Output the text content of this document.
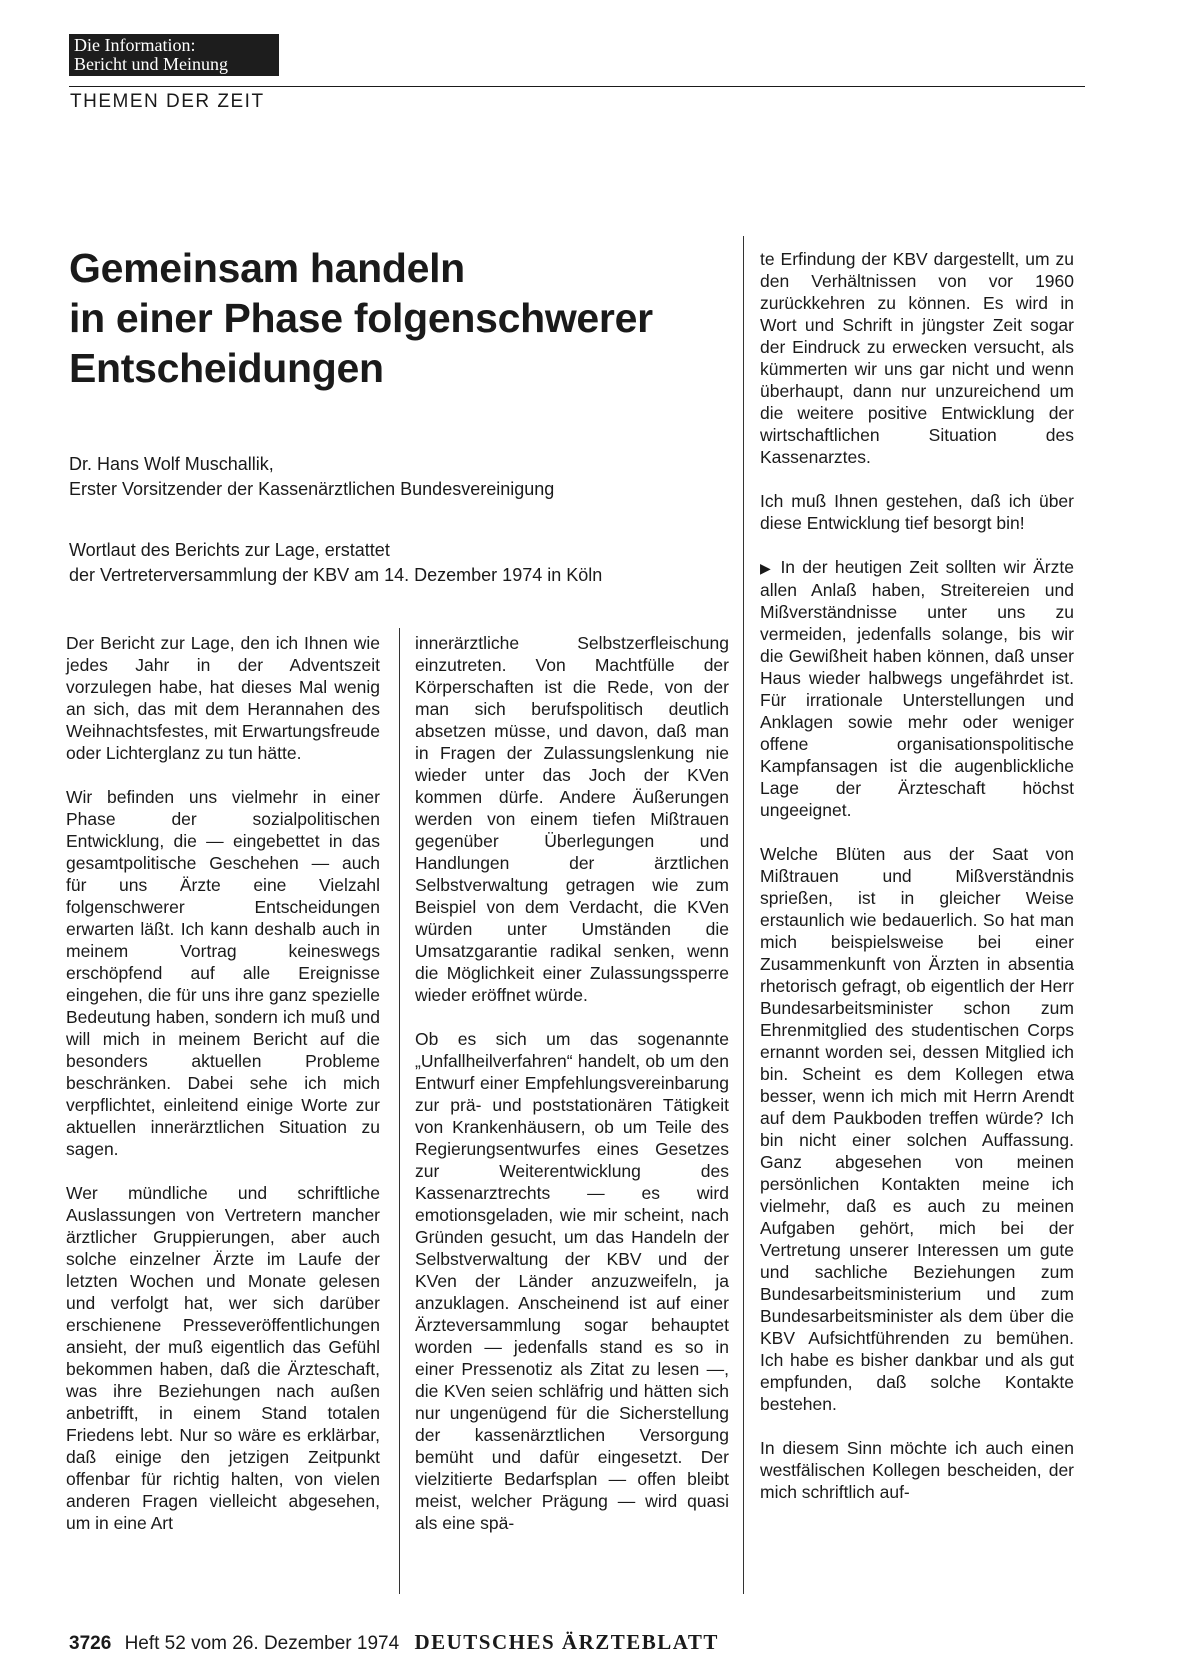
Die Information:
Bericht und Meinung
THEMEN DER ZEIT
Gemeinsam handeln
in einer Phase folgenschwerer
Entscheidungen
Dr. Hans Wolf Muschallik,
Erster Vorsitzender der Kassenärztlichen Bundesvereinigung
Wortlaut des Berichts zur Lage, erstattet
der Vertreterversammlung der KBV am 14. Dezember 1974 in Köln

Der Bericht zur Lage, den ich Ihnen wie jedes Jahr in der Adventszeit vorzulegen habe, hat dieses Mal wenig an sich, das mit dem Herannahen des Weihnachtsfestes, mit Erwartungsfreude oder Lichterglanz zu tun hätte.

Wir befinden uns vielmehr in einer Phase der sozialpolitischen Entwicklung, die — eingebettet in das gesamtpolitische Geschehen — auch für uns Ärzte eine Vielzahl folgenschwerer Entscheidungen erwarten läßt. Ich kann deshalb auch in meinem Vortrag keineswegs erschöpfend auf alle Ereignisse eingehen, die für uns ihre ganz spezielle Bedeutung haben, sondern ich muß und will mich in meinem Bericht auf die besonders aktuellen Probleme beschränken. Dabei sehe ich mich verpflichtet, einleitend einige Worte zur aktuellen innerärztlichen Situation zu sagen.

Wer mündliche und schriftliche Auslassungen von Vertretern mancher ärztlicher Gruppierungen, aber auch solche einzelner Ärzte im Laufe der letzten Wochen und Monate gelesen und verfolgt hat, wer sich darüber erschienene Presseveröffentlichungen ansieht, der muß eigentlich das Gefühl bekommen haben, daß die Ärzteschaft, was ihre Beziehungen nach außen anbetrifft, in einem Stand totalen Friedens lebt. Nur so wäre es erklärbar, daß einige den jetzigen Zeitpunkt offenbar für richtig halten, von vielen anderen Fragen vielleicht abgesehen, um in eine Art

innerärztliche Selbstzerfleischung einzutreten. Von Machtfülle der Körperschaften ist die Rede, von der man sich berufspolitisch deutlich absetzen müsse, und davon, daß man in Fragen der Zulassungslenkung nie wieder unter das Joch der KVen kommen dürfe. Andere Äußerungen werden von einem tiefen Mißtrauen gegenüber Überlegungen und Handlungen der ärztlichen Selbstverwaltung getragen wie zum Beispiel von dem Verdacht, die KVen würden unter Umständen die Umsatzgarantie radikal senken, wenn die Möglichkeit einer Zulassungssperre wieder eröffnet würde.

Ob es sich um das sogenannte „Unfallheilverfahren“ handelt, ob um den Entwurf einer Empfehlungsvereinbarung zur prä- und poststationären Tätigkeit von Krankenhäusern, ob um Teile des Regierungsentwurfes eines Gesetzes zur Weiterentwicklung des Kassenarztrechts — es wird emotionsgeladen, wie mir scheint, nach Gründen gesucht, um das Handeln der Selbstverwaltung der KBV und der KVen der Länder anzuzweifeln, ja anzuklagen. Anscheinend ist auf einer Ärzteversammlung sogar behauptet worden — jedenfalls stand es so in einer Pressenotiz als Zitat zu lesen —, die KVen seien schläfrig und hätten sich nur ungenügend für die Sicherstellung der kassenärztlichen Versorgung bemüht und dafür eingesetzt. Der vielzitierte Bedarfsplan — offen bleibt meist, welcher Prägung — wird quasi als eine spä-

te Erfindung der KBV dargestellt, um zu den Verhältnissen von vor 1960 zurückkehren zu können. Es wird in Wort und Schrift in jüngster Zeit sogar der Eindruck zu erwecken versucht, als kümmerten wir uns gar nicht und wenn überhaupt, dann nur unzureichend um die weitere positive Entwicklung der wirtschaftlichen Situation des Kassenarztes.

Ich muß Ihnen gestehen, daß ich über diese Entwicklung tief besorgt bin!

▶ In der heutigen Zeit sollten wir Ärzte allen Anlaß haben, Streitereien und Mißverständnisse unter uns zu vermeiden, jedenfalls solange, bis wir die Gewißheit haben können, daß unser Haus wieder halbwegs ungefährdet ist. Für irrationale Unterstellungen und Anklagen sowie mehr oder weniger offene organisationspolitische Kampfansagen ist die augenblickliche Lage der Ärzteschaft höchst ungeeignet.

Welche Blüten aus der Saat von Mißtrauen und Mißverständnis sprießen, ist in gleicher Weise erstaunlich wie bedauerlich. So hat man mich beispielsweise bei einer Zusammenkunft von Ärzten in absentia rhetorisch gefragt, ob eigentlich der Herr Bundesarbeitsminister schon zum Ehrenmitglied des studentischen Corps ernannt worden sei, dessen Mitglied ich bin. Scheint es dem Kollegen etwa besser, wenn ich mich mit Herrn Arendt auf dem Paukboden treffen würde? Ich bin nicht einer solchen Auffassung. Ganz abgesehen von meinen persönlichen Kontakten meine ich vielmehr, daß es auch zu meinen Aufgaben gehört, mich bei der Vertretung unserer Interessen um gute und sachliche Beziehungen zum Bundesarbeitsministerium und zum Bundesarbeitsminister als dem über die KBV Aufsichtführenden zu bemühen. Ich habe es bisher dankbar und als gut empfunden, daß solche Kontakte bestehen.

In diesem Sinn möchte ich auch einen westfälischen Kollegen bescheiden, der mich schriftlich auf-

3726 Heft 52 vom 26. Dezember 1974 DEUTSCHES ÄRZTEBLATT
